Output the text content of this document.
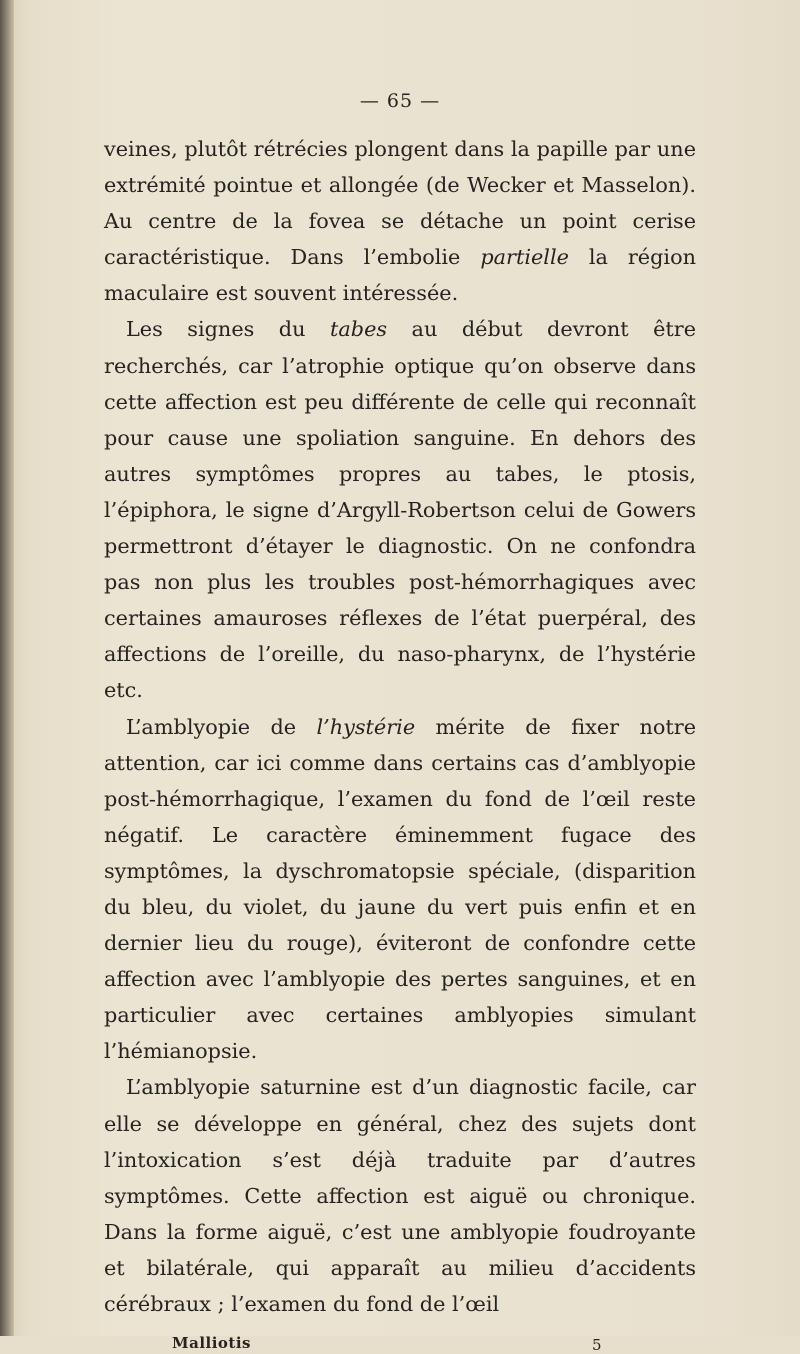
— 65 —

veines, plutôt rétrécies plongent dans la papille par une extrémité pointue et allongée (de Wecker et Masselon). Au centre de la fovea se détache un point cerise caractéristique. Dans l’embolie partielle la région maculaire est souvent intéressée.

Les signes du tabes au début devront être recherchés, car l’atrophie optique qu’on observe dans cette affection est peu différente de celle qui reconnaît pour cause une spoliation sanguine. En dehors des autres symptômes propres au tabes, le ptosis, l’épiphora, le signe d’Argyll-Robertson celui de Gowers permettront d’étayer le diagnostic. On ne confondra pas non plus les troubles post-hémorrhagiques avec certaines amauroses réflexes de l’état puerpéral, des affections de l’oreille, du naso-pharynx, de l’hystérie etc.

L’amblyopie de l’hystérie mérite de fixer notre attention, car ici comme dans certains cas d’amblyopie post-hémorrhagique, l’examen du fond de l’œil reste négatif. Le caractère éminemment fugace des symptômes, la dyschromatopsie spéciale, (disparition du bleu, du violet, du jaune du vert puis enfin et en dernier lieu du rouge), éviteront de confondre cette affection avec l’amblyopie des pertes sanguines, et en particulier avec certaines amblyopies simulant l’hémianopsie.

L’amblyopie saturnine est d’un diagnostic facile, car elle se développe en général, chez des sujets dont l’intoxication s’est déjà traduite par d’autres symptômes. Cette affection est aiguë ou chronique. Dans la forme aiguë, c’est une amblyopie foudroyante et bilatérale, qui apparaît au milieu d’accidents cérébraux ; l’examen du fond de l’œil

Malliotis	5
